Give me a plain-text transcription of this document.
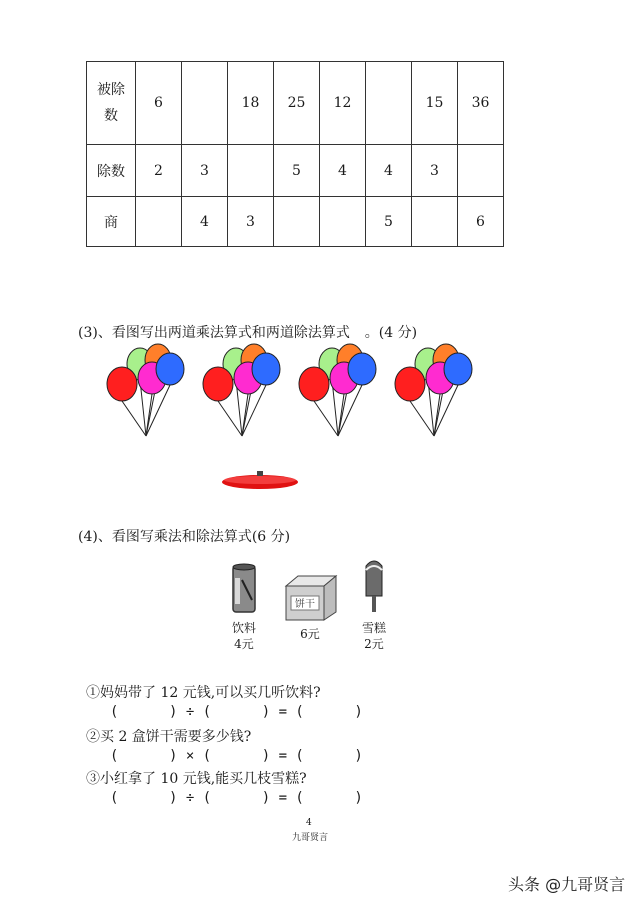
被除数	6		18	25	12		15	36
除数	2	3		5	4	4	3	
商		4	3			5		6
(3)、看图写出两道乘法算式和两道除法算式 。(4 分)
(4)、看图写乘法和除法算式(6 分)
饮料
4元
饼干
6元	雪糕
2元
①妈妈带了 12 元钱,可以买几听饮料?
(      ) ÷ (      ) = (      )
②买 2 盒饼干需要多少钱?
(      ) × (      ) = (      )
③小红拿了 10 元钱,能买几枝雪糕?
(      ) ÷ (      ) = (      )
4
九哥贤言
头条 @九哥贤言
